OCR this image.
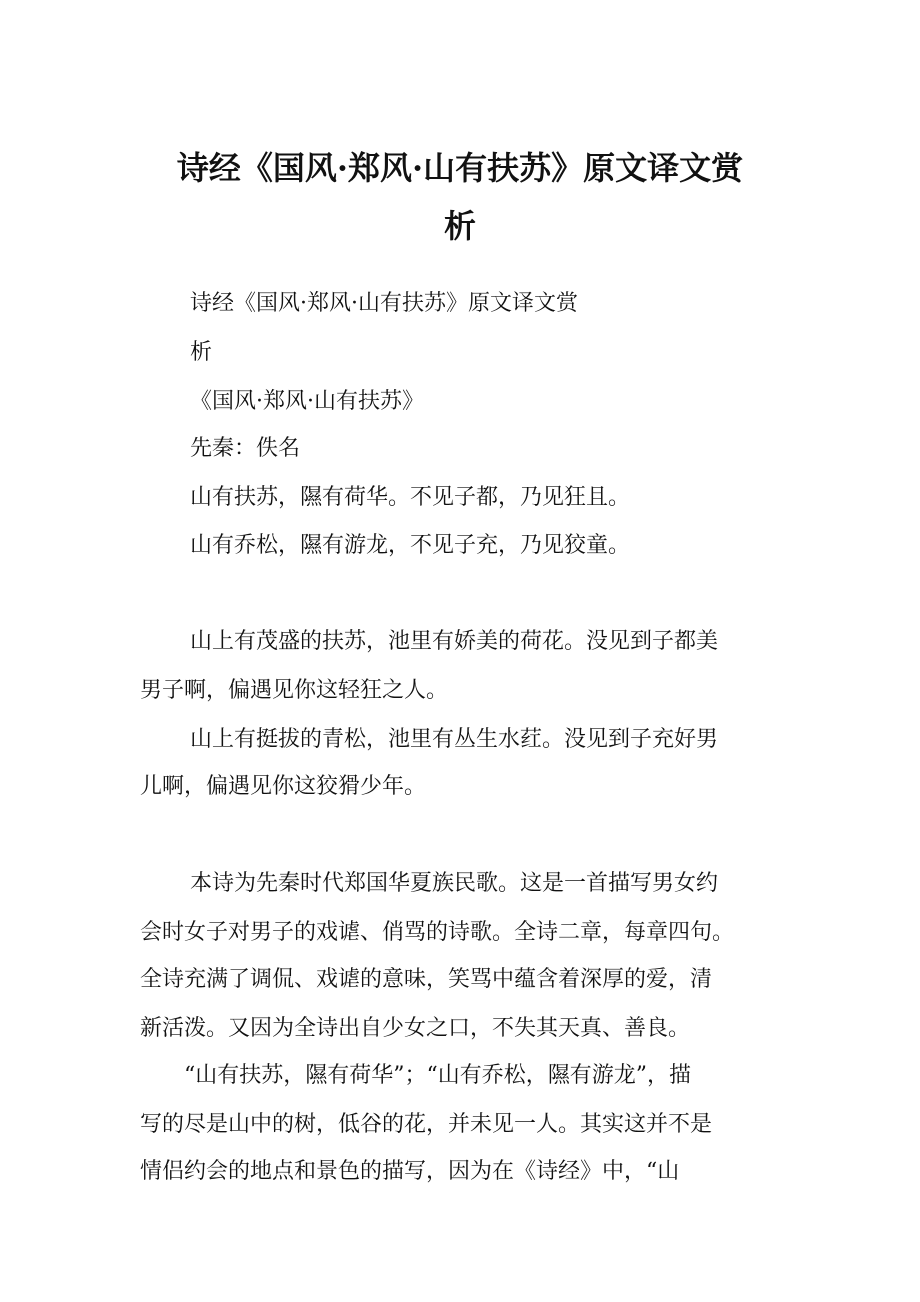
诗经《国风·郑风·山有扶苏》原文译文赏
析
诗经《国风·郑风·山有扶苏》原文译文赏
析
《国风·郑风·山有扶苏》
先秦：佚名
山有扶苏，隰有荷华。不见子都，乃见狂且。
山有乔松，隰有游龙，不见子充，乃见狡童。
山上有茂盛的扶苏，池里有娇美的荷花。没见到子都美
男子啊，偏遇见你这轻狂之人。
山上有挺拔的青松，池里有丛生水荭。没见到子充好男
儿啊，偏遇见你这狡猾少年。
本诗为先秦时代郑国华夏族民歌。这是一首描写男女约
会时女子对男子的戏谑、俏骂的诗歌。全诗二章，每章四句。
全诗充满了调侃、戏谑的意味，笑骂中蕴含着深厚的爱，清
新活泼。又因为全诗出自少女之口，不失其天真、善良。
“山有扶苏，隰有荷华”；“山有乔松，隰有游龙”，描
写的尽是山中的树，低谷的花，并未见一人。其实这并不是
情侣约会的地点和景色的描写，因为在《诗经》中，“山
